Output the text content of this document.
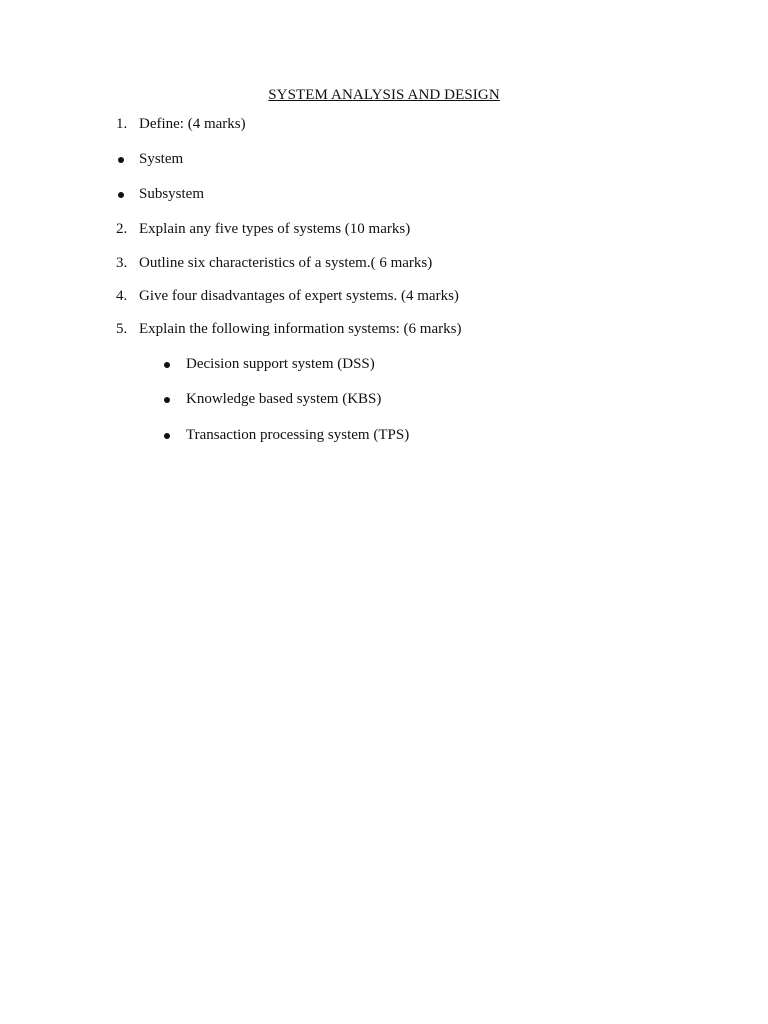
SYSTEM ANALYSIS AND DESIGN
1. Define: (4 marks)
System
Subsystem
2. Explain any five types of systems (10 marks)
3. Outline six characteristics of a system.( 6 marks)
4. Give four disadvantages of expert systems. (4 marks)
5. Explain the following information systems: (6 marks)
Decision support system (DSS)
Knowledge based system (KBS)
Transaction processing system (TPS)
